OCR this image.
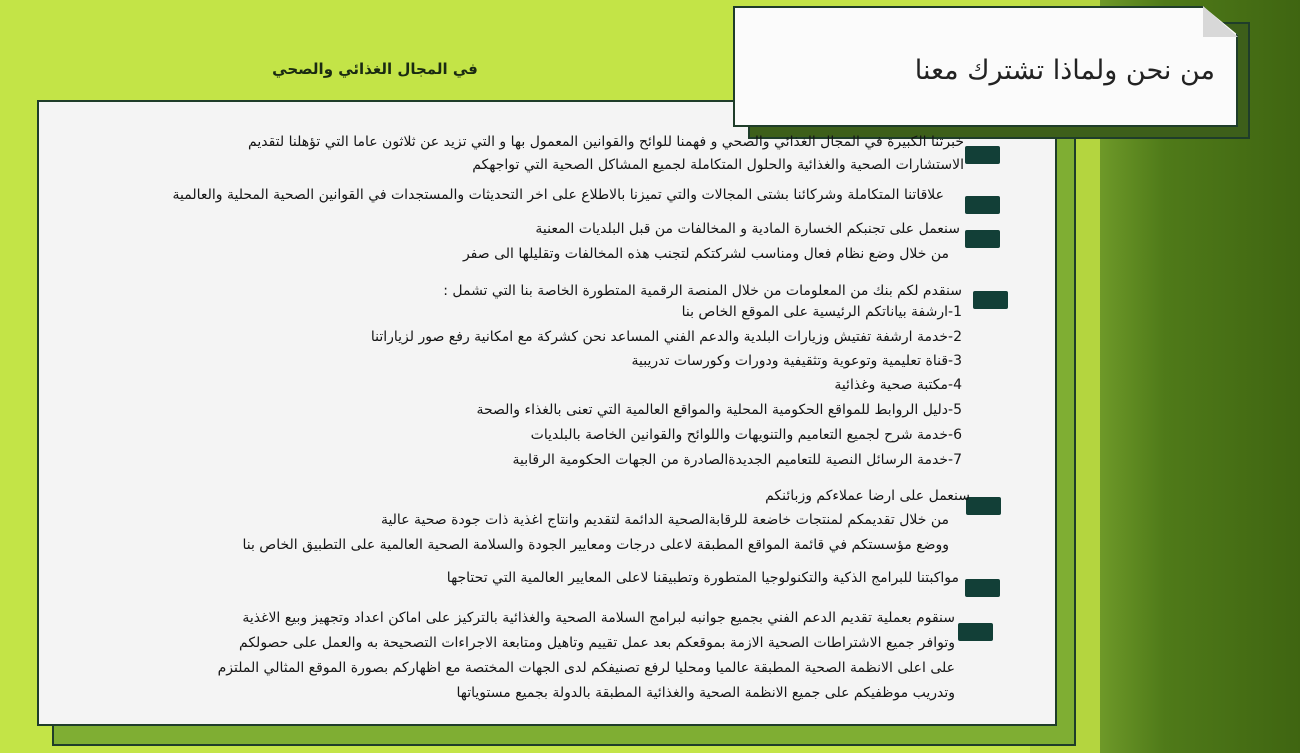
في المجال الغذائي والصحي	من نحن ولماذا تشترك معنا
خبرتنا الكبيرة في المجال الغذائي والصحي و فهمنا للوائح والقوانين المعمول بها و التي تزيد عن ثلاثون عاما التي تؤهلنا لتقديم
الاستشارات الصحية والغذائية والحلول المتكاملة لجميع المشاكل الصحية التي تواجهكم
علاقاتنا المتكاملة وشركائنا بشتى المجالات والتي تميزنا بالاطلاع على اخر التحديثات والمستجدات في القوانين الصحية المحلية والعالمية
سنعمل على تجنبكم الخسارة المادية و المخالفات من قبل البلديات المعنية
من خلال وضع نظام فعال ومناسب لشركتكم لتجنب هذه المخالفات وتقليلها الى صفر
سنقدم لكم بنك من المعلومات من خلال المنصة الرقمية المتطورة الخاصة بنا التي تشمل :
1-ارشفة بياناتكم الرئيسية على الموقع الخاص بنا
2-خدمة ارشفة تفتيش وزيارات البلدية والدعم الفني المساعد نحن كشركة مع امكانية رفع صور لزياراتنا
3-قناة تعليمية وتوعوية وتثقيفية ودورات وكورسات تدريبية
4-مكتبة صحية وغذائية
5-دليل الروابط للمواقع الحكومية المحلية والمواقع العالمية التي تعنى بالغذاء والصحة
6-خدمة شرح لجميع التعاميم والتنويهات واللوائح والقوانين الخاصة بالبلديات
7-خدمة الرسائل النصية للتعاميم الجديدةالصادرة من الجهات الحكومية الرقابية
سنعمل على ارضا عملاءكم وزبائنكم
من خلال تقديمكم لمنتجات خاضعة للرقابةالصحية الدائمة لتقديم وانتاج اغذية ذات جودة صحية عالية
ووضع مؤسستكم في قائمة المواقع المطبقة لاعلى درجات ومعايير الجودة والسلامة الصحية العالمية على التطبيق الخاص بنا
مواكبتنا للبرامج الذكية والتكنولوجيا المتطورة وتطبيقنا لاعلى المعايير العالمية التي تحتاجها
سنقوم بعملية تقديم الدعم الفني بجميع جوانبه لبرامج السلامة الصحية والغذائية بالتركيز على اماكن اعداد وتجهيز وبيع الاغذية
وتوافر جميع الاشتراطات الصحية الازمة بموقعكم بعد عمل تقييم وتاهيل ومتابعة الاجراءات التصحيحة به والعمل على حصولكم
على اعلى الانظمة الصحية المطبقة عالميا ومحليا لرفع تصنيفكم لدى الجهات المختصة مع اظهاركم بصورة الموقع المثالي الملتزم
وتدريب موظفيكم على جميع الانظمة الصحية والغذائية المطبقة بالدولة بجميع مستوياتها
